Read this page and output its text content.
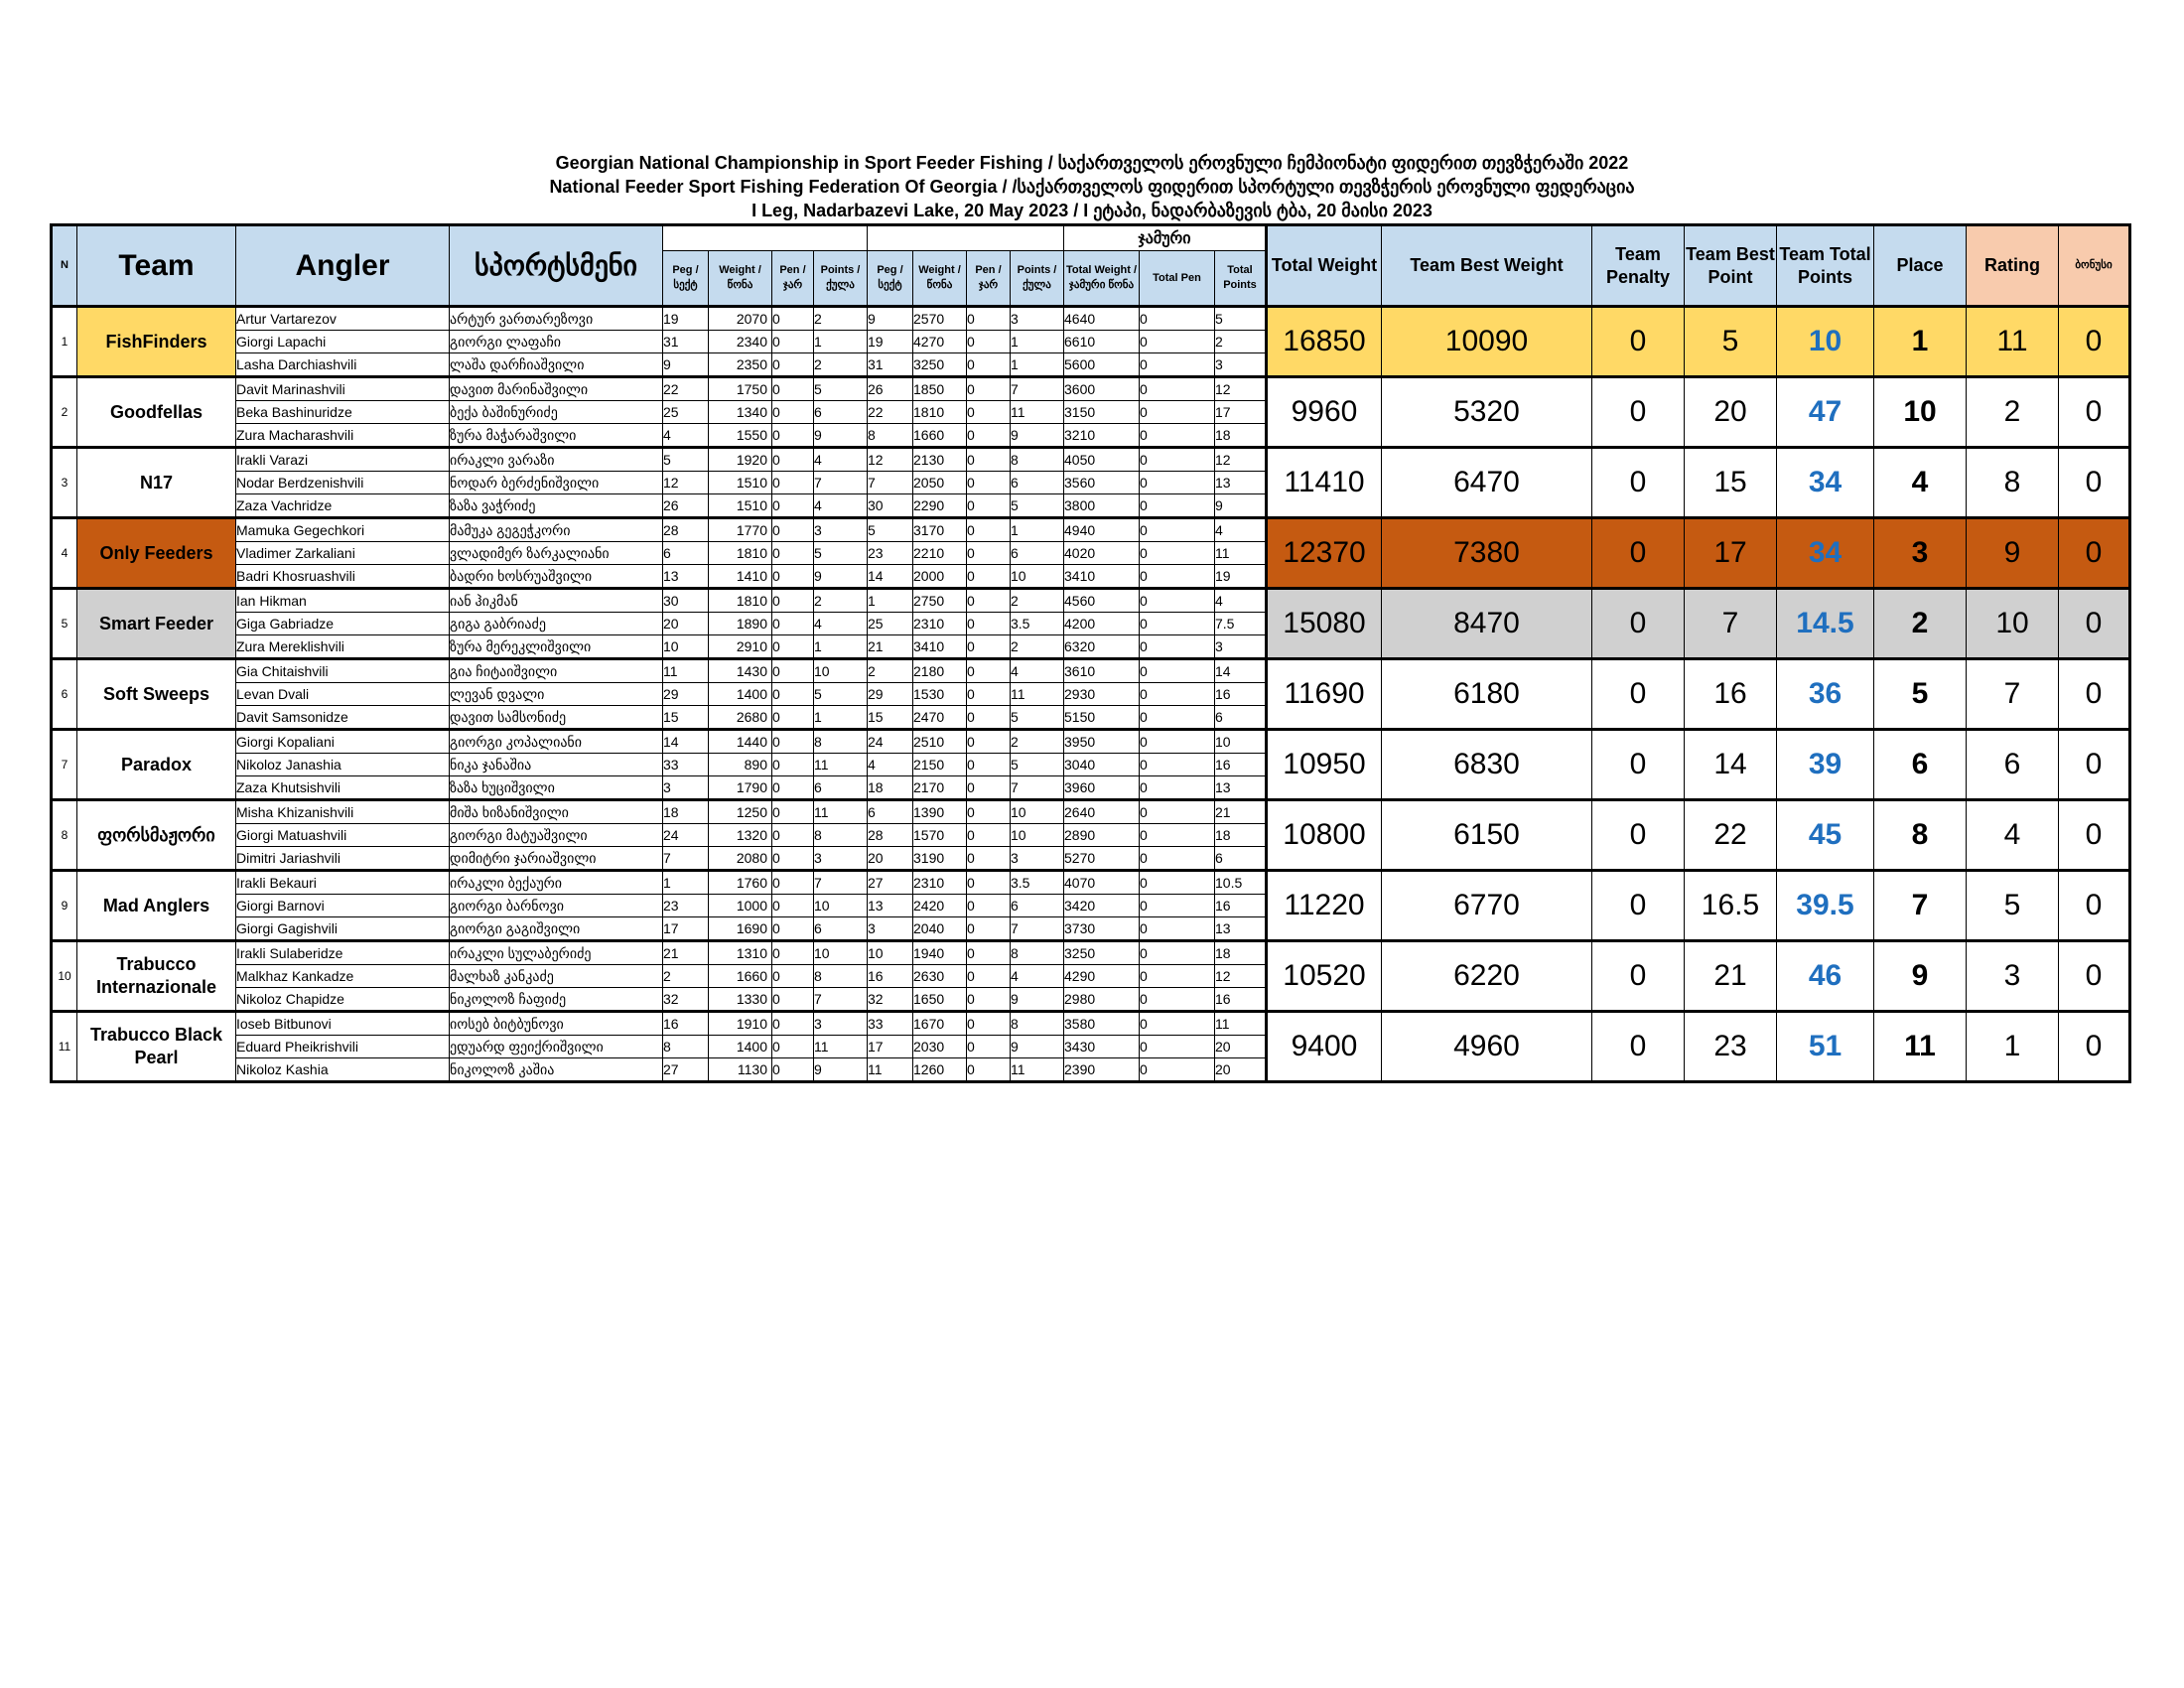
Georgian National Championship in Sport Feeder Fishing / საქართველოს ეროვნული ჩემპიონატი ფიდერით თევზჭერაში 2022
National Feeder Sport Fishing Federation Of Georgia / /საქართველოს ფიდერით სპორტული თევზჭერის ეროვნული ფედერაცია
I Leg, Nadarbazevi Lake, 20 May 2023 / I ეტაპი, ნადარბაზევის ტბა, 20 მაისი 2023
N	Team	Angler	სპორტსმენი									ჯამური			Total Weight	Team Best Weight	Team Penalty	Team Best Point	Team Total Points	Place	Rating	ბონუსი
				Peg / სექტ	Weight / წონა	Pen / ჯარ	Points / ქულა	Peg / სექტ	Weight / წონა	Pen / ჯარ	Points / ქულა	Total Weight / ჯამური წონა	Total Pen	Total Points								
1	FishFinders	Artur Vartarezov	არტურ ვართარეზოვი	19	2070	0	2	9	2570	0	3	4640	0	5	16850	10090	0	5	10	1	11	0
		Giorgi Lapachi	გიორგი ლაფაჩი	31	2340	0	1	19	4270	0	1	6610	0	2								
		Lasha Darchiashvili	ლაშა დარჩიაშვილი	9	2350	0	2	31	3250	0	1	5600	0	3								
2	Goodfellas	Davit Marinashvili	დავით მარინაშვილი	22	1750	0	5	26	1850	0	7	3600	0	12	9960	5320	0	20	47	10	2	0
		Beka Bashinuridze	ბექა ბაშინურიძე	25	1340	0	6	22	1810	0	11	3150	0	17								
		Zura Macharashvili	ზურა მაჭარაშვილი	4	1550	0	9	8	1660	0	9	3210	0	18								
3	N17	Irakli Varazi	ირაკლი ვარაზი	5	1920	0	4	12	2130	0	8	4050	0	12	11410	6470	0	15	34	4	8	0
		Nodar Berdzenishvili	ნოდარ ბერძენიშვილი	12	1510	0	7	7	2050	0	6	3560	0	13								
		Zaza Vachridze	ზაზა ვაჭრიძე	26	1510	0	4	30	2290	0	5	3800	0	9								
4	Only Feeders	Mamuka Gegechkori	მამუკა გეგეჭკორი	28	1770	0	3	5	3170	0	1	4940	0	4	12370	7380	0	17	34	3	9	0
		Vladimer Zarkaliani	ვლადიმერ ზარკალიანი	6	1810	0	5	23	2210	0	6	4020	0	11								
		Badri Khosruashvili	ბადრი ხოსრუაშვილი	13	1410	0	9	14	2000	0	10	3410	0	19								
5	Smart Feeder	Ian Hikman	იან ჰიკმან	30	1810	0	2	1	2750	0	2	4560	0	4	15080	8470	0	7	14.5	2	10	0
		Giga Gabriadze	გიგა გაბრიაძე	20	1890	0	4	25	2310	0	3.5	4200	0	7.5								
		Zura Mereklishvili	ზურა მერეკლიშვილი	10	2910	0	1	21	3410	0	2	6320	0	3								
6	Soft Sweeps	Gia Chitaishvili	გია ჩიტაიშვილი	11	1430	0	10	2	2180	0	4	3610	0	14	11690	6180	0	16	36	5	7	0
		Levan Dvali	ლევან დვალი	29	1400	0	5	29	1530	0	11	2930	0	16								
		Davit Samsonidze	დავით სამსონიძე	15	2680	0	1	15	2470	0	5	5150	0	6								
7	Paradox	Giorgi Kopaliani	გიორგი კოპალიანი	14	1440	0	8	24	2510	0	2	3950	0	10	10950	6830	0	14	39	6	6	0
		Nikoloz Janashia	ნიკა ჯანაშია	33	890	0	11	4	2150	0	5	3040	0	16								
		Zaza Khutsishvili	ზაზა ხუციშვილი	3	1790	0	6	18	2170	0	7	3960	0	13								
8	ფორსმაჟორი	Misha Khizanishvili	მიშა ხიზანიშვილი	18	1250	0	11	6	1390	0	10	2640	0	21	10800	6150	0	22	45	8	4	0
		Giorgi Matuashvili	გიორგი მატუაშვილი	24	1320	0	8	28	1570	0	10	2890	0	18								
		Dimitri Jariashvili	დიმიტრი ჯარიაშვილი	7	2080	0	3	20	3190	0	3	5270	0	6								
9	Mad Anglers	Irakli Bekauri	ირაკლი ბექაური	1	1760	0	7	27	2310	0	3.5	4070	0	10.5	11220	6770	0	16.5	39.5	7	5	0
		Giorgi Barnovi	გიორგი ბარნოვი	23	1000	0	10	13	2420	0	6	3420	0	16								
		Giorgi Gagishvili	გიორგი გაგიშვილი	17	1690	0	6	3	2040	0	7	3730	0	13								
10	Trabucco Internazionale	Irakli Sulaberidze	ირაკლი სულაბერიძე	21	1310	0	10	10	1940	0	8	3250	0	18	10520	6220	0	21	46	9	3	0
		Malkhaz Kankadze	მალხაზ კანკაძე	2	1660	0	8	16	2630	0	4	4290	0	12								
		Nikoloz Chapidze	ნიკოლოზ ჩაფიძე	32	1330	0	7	32	1650	0	9	2980	0	16								
11	Trabucco Black Pearl	Ioseb Bitbunovi	იოსებ ბიტბუნოვი	16	1910	0	3	33	1670	0	8	3580	0	11	9400	4960	0	23	51	11	1	0
		Eduard Pheikrishvili	ედუარდ ფეიქრიშვილი	8	1400	0	11	17	2030	0	9	3430	0	20								
		Nikoloz Kashia	ნიკოლოზ კაშია	27	1130	0	9	11	1260	0	11	2390	0	20								
